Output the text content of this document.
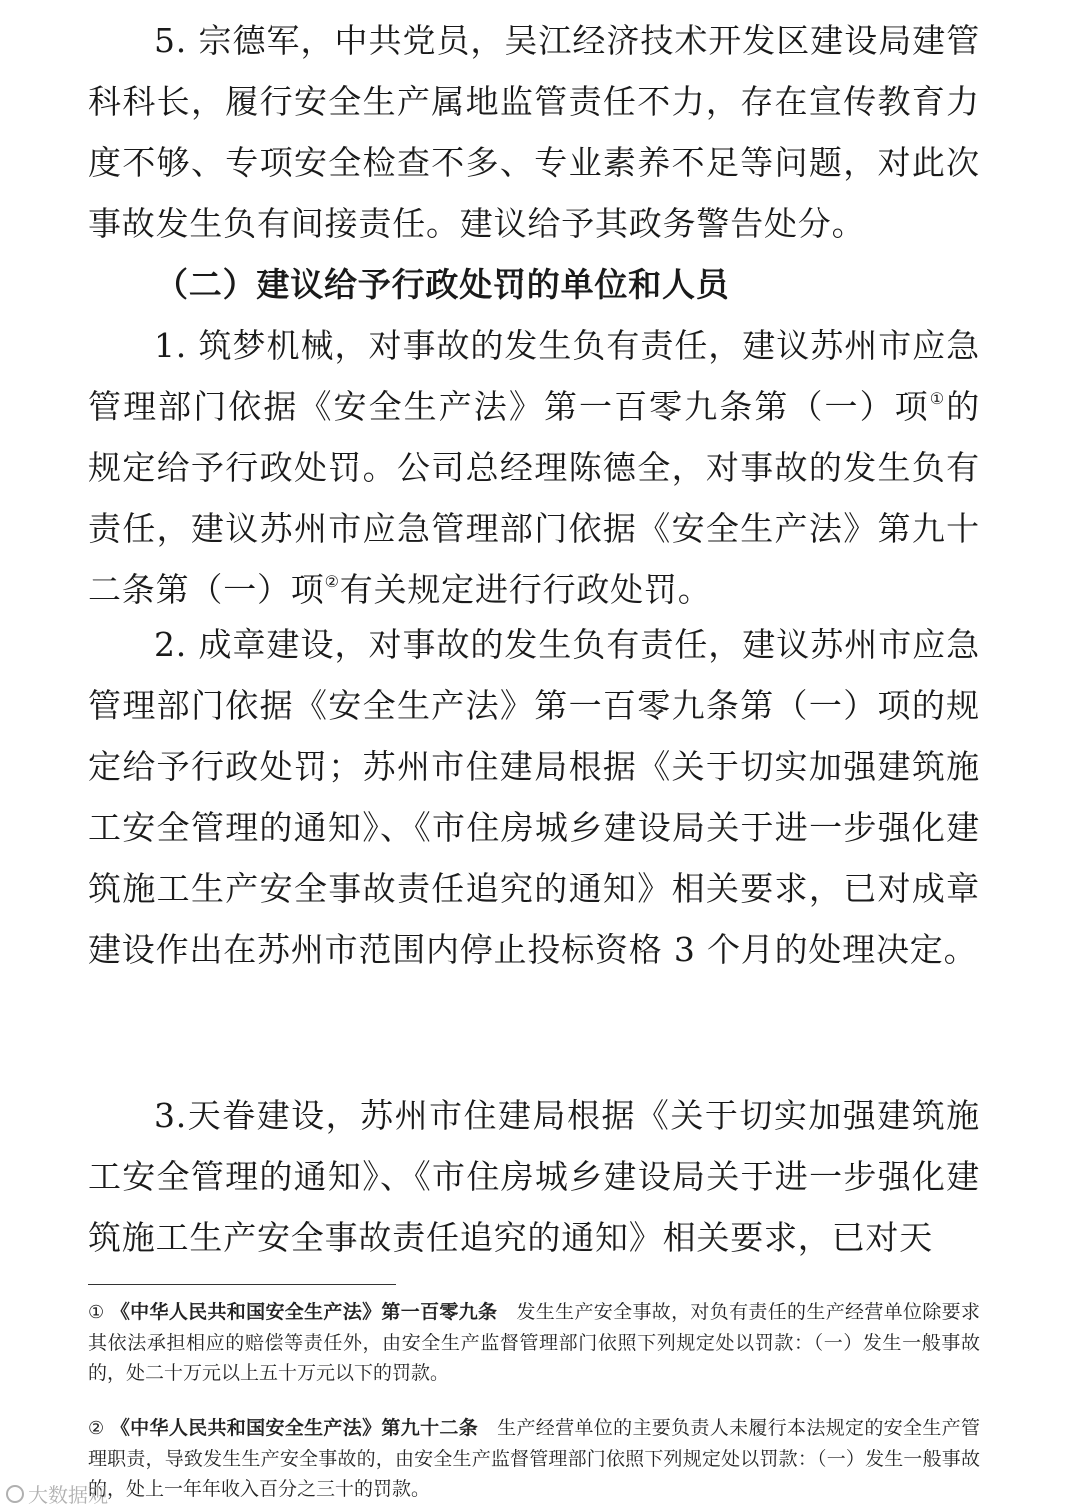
5. 宗德军，中共党员，吴江经济技术开发区建设局建管科科长，履行安全生产属地监管责任不力，存在宣传教育力度不够、专项安全检查不多、专业素养不足等问题，对此次事故发生负有间接责任。建议给予其政务警告处分。
（二）建议给予行政处罚的单位和人员
1. 筑梦机械，对事故的发生负有责任，建议苏州市应急管理部门依据《安全生产法》第一百零九条第（一）项①的规定给予行政处罚。公司总经理陈德全，对事故的发生负有责任，建议苏州市应急管理部门依据《安全生产法》第九十二条第（一）项②有关规定进行行政处罚。
2. 成章建设，对事故的发生负有责任，建议苏州市应急管理部门依据《安全生产法》第一百零九条第（一）项的规定给予行政处罚；苏州市住建局根据《关于切实加强建筑施工安全管理的通知》、《市住房城乡建设局关于进一步强化建筑施工生产安全事故责任追究的通知》相关要求，已对成章建设作出在苏州市范围内停止投标资格 3 个月的处理决定。
3.天眷建设，苏州市住建局根据《关于切实加强建筑施工安全管理的通知》、《市住房城乡建设局关于进一步强化建筑施工生产安全事故责任追究的通知》相关要求，已对天
① 《中华人民共和国安全生产法》第一百零九条 发生生产安全事故，对负有责任的生产经营单位除要求其依法承担相应的赔偿等责任外，由安全生产监督管理部门依照下列规定处以罚款：（一）发生一般事故的，处二十万元以上五十万元以下的罚款。
② 《中华人民共和国安全生产法》第九十二条 生产经营单位的主要负责人未履行本法规定的安全生产管理职责，导致发生生产安全事故的，由安全生产监督管理部门依照下列规定处以罚款：（一）发生一般事故的，处上一年年收入百分之三十的罚款。
大数据观
